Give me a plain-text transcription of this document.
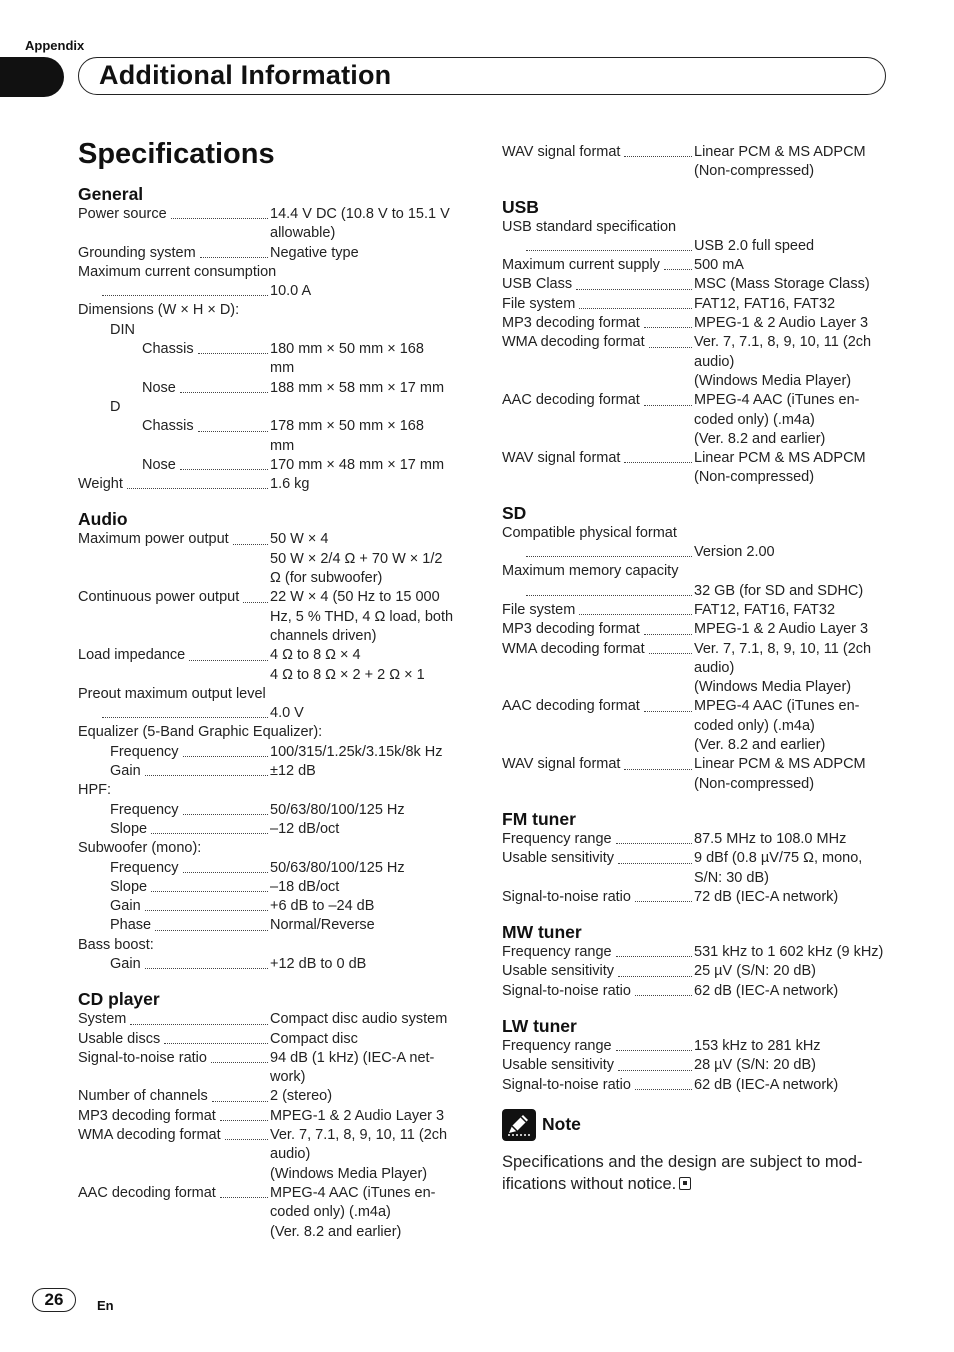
Appendix
Additional Information
Specifications
General
Power source	14.4 V DC (10.8 V to 15.1 V
allowable)
Grounding system	Negative type
Maximum current consumption
10.0 A
Dimensions (W × H × D):
DIN
Chassis	180 mm × 50 mm × 168
mm
Nose	188 mm × 58 mm × 17 mm
D
Chassis	178 mm × 50 mm × 168
mm
Nose	170 mm × 48 mm × 17 mm
Weight	1.6 kg
Audio
Maximum power output	50 W × 4
50 W × 2/4 Ω + 70 W × 1/2
Ω (for subwoofer)
Continuous power output 22 W × 4 (50 Hz to 15 000
Hz, 5 % THD, 4 Ω load, both
channels driven)
Load impedance	4 Ω to 8 Ω × 4
4 Ω to 8 Ω × 2 + 2 Ω × 1
Preout maximum output level
4.0 V
Equalizer (5-Band Graphic Equalizer):
Frequency	100/315/1.25k/3.15k/8k Hz
Gain	±12 dB
HPF:
Frequency	50/63/80/100/125 Hz
Slope	–12 dB/oct
Subwoofer (mono):
Frequency	50/63/80/100/125 Hz
Slope	–18 dB/oct
Gain	+6 dB to –24 dB
Phase	Normal/Reverse
Bass boost:
Gain	+12 dB to 0 dB
CD player
System	Compact disc audio system
Usable discs	Compact disc
Signal-to-noise ratio	94 dB (1 kHz) (IEC-A net-
work)
Number of channels	2 (stereo)
MP3 decoding format	MPEG-1 & 2 Audio Layer 3
WMA decoding format	Ver. 7, 7.1, 8, 9, 10, 11 (2ch
audio)
(Windows Media Player)
AAC decoding format	MPEG-4 AAC (iTunes en-
coded only) (.m4a)
(Ver. 8.2 and earlier)
WAV signal format	Linear PCM & MS ADPCM
(Non-compressed)
USB
USB standard specification
USB 2.0 full speed
Maximum current supply 500 mA
USB Class	MSC (Mass Storage Class)
File system	FAT12, FAT16, FAT32
MP3 decoding format	MPEG-1 & 2 Audio Layer 3
WMA decoding format	Ver. 7, 7.1, 8, 9, 10, 11 (2ch
audio)
(Windows Media Player)
AAC decoding format	MPEG-4 AAC (iTunes en-
coded only) (.m4a)
(Ver. 8.2 and earlier)
WAV signal format	Linear PCM & MS ADPCM
(Non-compressed)
SD
Compatible physical format
Version 2.00
Maximum memory capacity
32 GB (for SD and SDHC)
File system	FAT12, FAT16, FAT32
MP3 decoding format	MPEG-1 & 2 Audio Layer 3
WMA decoding format	Ver. 7, 7.1, 8, 9, 10, 11 (2ch
audio)
(Windows Media Player)
AAC decoding format	MPEG-4 AAC (iTunes en-
coded only) (.m4a)
(Ver. 8.2 and earlier)
WAV signal format	Linear PCM & MS ADPCM
(Non-compressed)
FM tuner
Frequency range	87.5 MHz to 108.0 MHz
Usable sensitivity	9 dBf (0.8 µV/75 Ω, mono,
S/N: 30 dB)
Signal-to-noise ratio	72 dB (IEC-A network)
MW tuner
Frequency range	531 kHz to 1 602 kHz (9 kHz)
Usable sensitivity	25 µV (S/N: 20 dB)
Signal-to-noise ratio	62 dB (IEC-A network)
LW tuner
Frequency range	153 kHz to 281 kHz
Usable sensitivity	28 µV (S/N: 20 dB)
Signal-to-noise ratio	62 dB (IEC-A network)
Note
Specifications and the design are subject to mod-ifications without notice.
26	En
